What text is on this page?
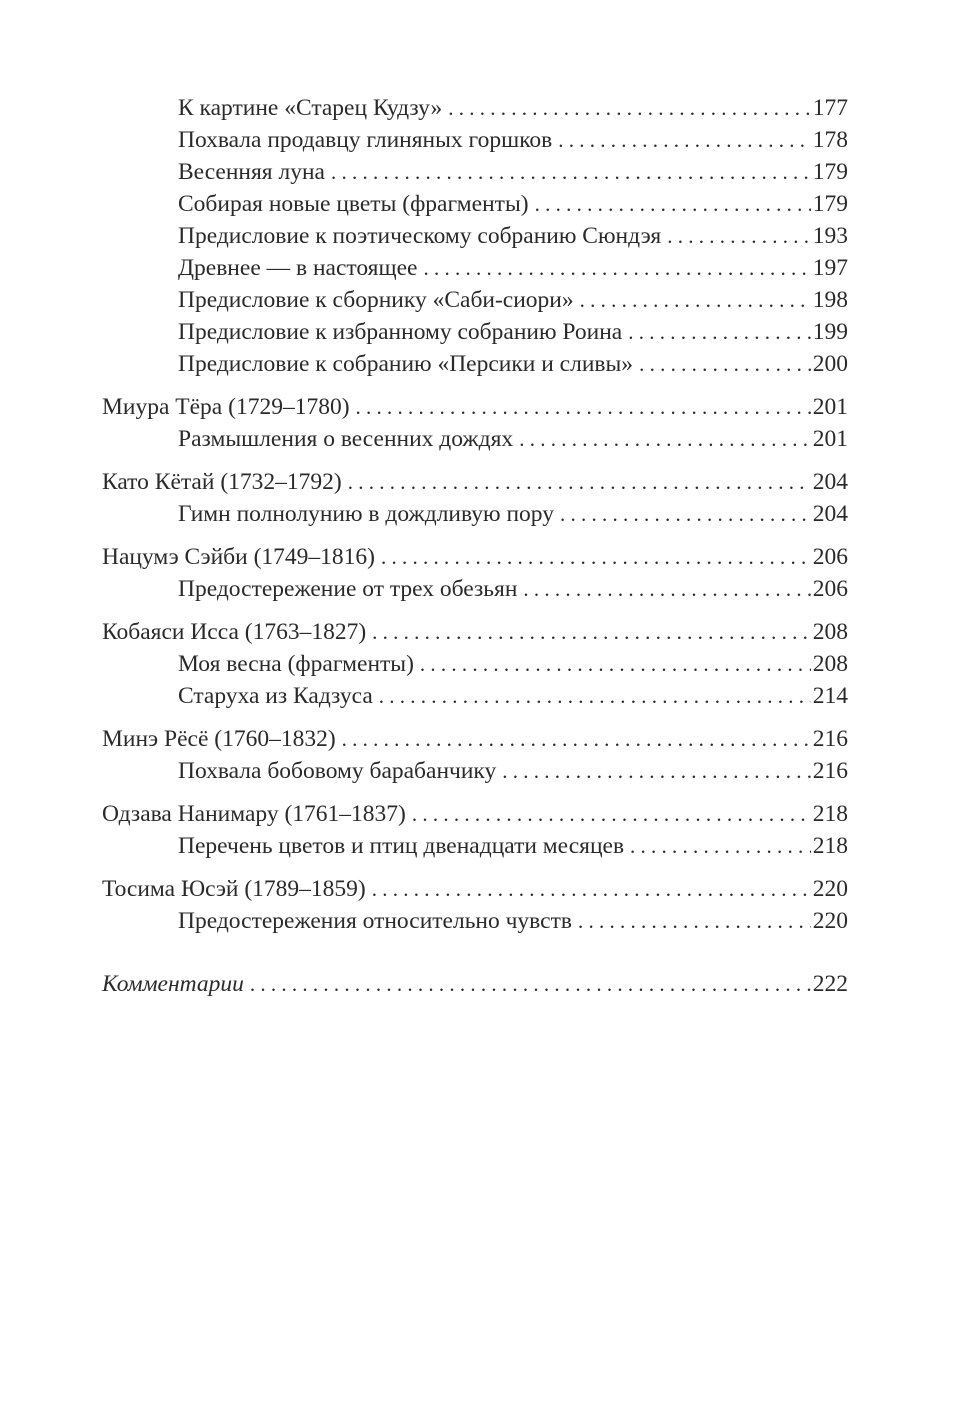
К картине «Старец Кудзу» . . .	177
Похвала продавцу глиняных горшков . . .	178
Весенняя луна . . .	179
Собирая новые цветы (фрагменты) . . .	179
Предисловие к поэтическому собранию Сюндэя . . .	193
Древнее — в настоящее . . .	197
Предисловие к сборнику «Саби-сиори» . . .	198
Предисловие к избранному собранию Роина . . .	199
Предисловие к собранию «Персики и сливы» . . .	200
Миура Тёра (1729–1780) . . .	201
Размышления о весенних дождях . . .	201
Като Кётай (1732–1792) . . .	204
Гимн полнолунию в дождливую пору . . .	204
Нацумэ Сэйби (1749–1816) . . .	206
Предостережение от трех обезьян . . .	206
Кобаяси Исса (1763–1827) . . .	208
Моя весна (фрагменты) . . .	208
Старуха из Кадзуса . . .	214
Минэ Рёсё (1760–1832) . . .	216
Похвала бобовому барабанчику . . .	216
Одзава Нанимару (1761–1837) . . .	218
Перечень цветов и птиц двенадцати месяцев . . .	218
Тосима Юсэй (1789–1859) . . .	220
Предостережения относительно чувств . . .	220
Комментарии . . .	222
